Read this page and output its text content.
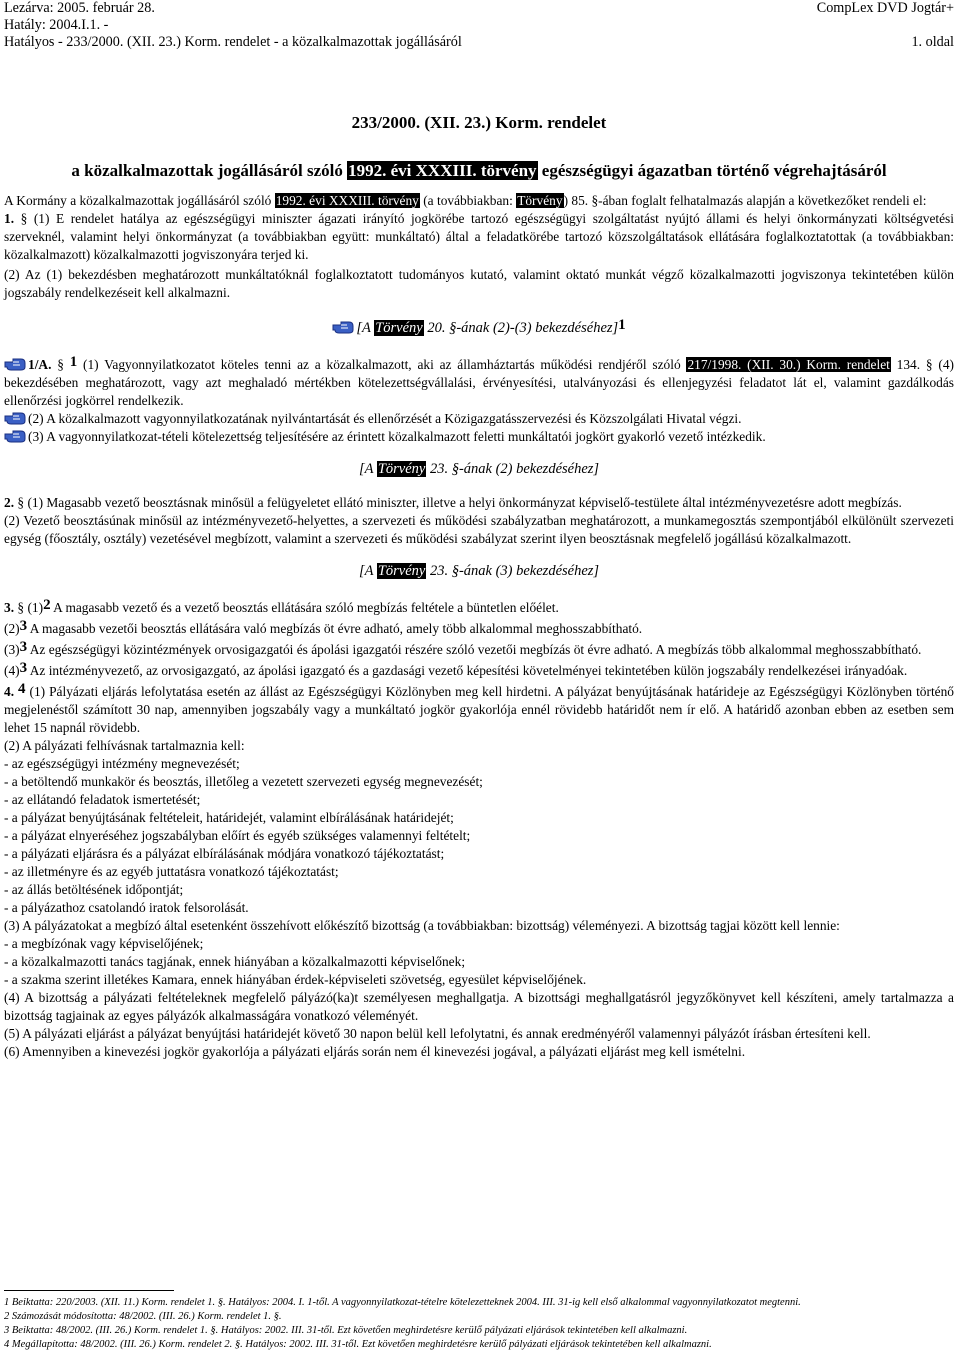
Lezárva: 2005. február 28.	CompLex DVD Jogtár+
Hatály: 2004.I.1. -
Hatályos - 233/2000. (XII. 23.) Korm. rendelet - a közalkalmazottak jogállásáról	1. oldal
233/2000. (XII. 23.) Korm. rendelet
a közalkalmazottak jogállásáról szóló 1992. évi XXXIII. törvény egészségügyi ágazatban történő végrehajtásáról

A Kormány a közalkalmazottak jogállásáról szóló 1992. évi XXXIII. törvény (a továbbiakban: Törvény) 85. §-ában foglalt felhatalmazás alapján a következőket rendeli el:

1. § (1) E rendelet hatálya az egészségügyi miniszter ágazati irányító jogkörébe tartozó egészségügyi szolgáltatást nyújtó állami és helyi önkormányzati költségvetési szerveknél, valamint helyi önkormányzat (a továbbiakban együtt: munkáltató) által a feladatkörébe tartozó közszolgáltatások ellátására foglalkoztatottak (a továbbiakban: közalkalmazott) közalkalmazotti jogviszonyára terjed ki.

(2) Az (1) bekezdésben meghatározott munkáltatóknál foglalkoztatott tudományos kutató, valamint oktató munkát végző közalkalmazotti jogviszonya tekintetében külön jogszabály rendelkezéseit kell alkalmazni.

[A Törvény 20. §-ának (2)-(3) bekezdéséhez]1

1/A. § 1 (1) Vagyonnyilatkozatot köteles tenni az a közalkalmazott, aki az államháztartás működési rendjéről szóló 217/1998. (XII. 30.) Korm. rendelet 134. § (4) bekezdésében meghatározott, vagy azt meghaladó mértékben kötelezettségvállalási, érvényesítési, utalványozási és ellenjegyzési feladatot lát el, valamint gazdálkodás ellenőrzési jogkörrel rendelkezik.

(2) A közalkalmazott vagyonnyilatkozatának nyilvántartását és ellenőrzését a Közigazgatásszervezési és Közszolgálati Hivatal végzi.

(3) A vagyonnyilatkozat-tételi kötelezettség teljesítésére az érintett közalkalmazott feletti munkáltatói jogkört gyakorló vezető intézkedik.

[A Törvény 23. §-ának (2) bekezdéséhez]

2. § (1) Magasabb vezető beosztásnak minősül a felügyeletet ellátó miniszter, illetve a helyi önkormányzat képviselő-testülete által intézményvezetésre adott megbízás.

(2) Vezető beosztásúnak minősül az intézményvezető-helyettes, a szervezeti és működési szabályzatban meghatározott, a munkamegosztás szempontjából elkülönült szervezeti egység (főosztály, osztály) vezetésével megbízott, valamint a szervezeti és működési szabályzat szerint ilyen beosztásnak megfelelő jogállású közalkalmazott.

[A Törvény 23. §-ának (3) bekezdéséhez]

3. § (1)2 A magasabb vezető és a vezető beosztás ellátására szóló megbízás feltétele a büntetlen előélet.

(2)3 A magasabb vezetői beosztás ellátására való megbízás öt évre adható, amely több alkalommal meghosszabbítható.

(3)3 Az egészségügyi közintézmények orvosigazgatói és ápolási igazgatói részére szóló vezetői megbízás öt évre adható. A megbízás több alkalommal meghosszabbítható.

(4)3 Az intézményvezető, az orvosigazgató, az ápolási igazgató és a gazdasági vezető képesítési követelményei tekintetében külön jogszabály rendelkezései irányadóak.

4. 4 (1) Pályázati eljárás lefolytatása esetén az állást az Egészségügyi Közlönyben meg kell hirdetni. A pályázat benyújtásának határideje az Egészségügyi Közlönyben történő megjelenéstől számított 30 nap, amennyiben jogszabály vagy a munkáltató jogkör gyakorlója ennél rövidebb határidőt nem ír elő. A határidő azonban ebben az esetben sem lehet 15 napnál rövidebb.

(2) A pályázati felhívásnak tartalmaznia kell:

- az egészségügyi intézmény megnevezését;

- a betöltendő munkakör és beosztás, illetőleg a vezetett szervezeti egység megnevezését;

- az ellátandó feladatok ismertetését;

- a pályázat benyújtásának feltételeit, határidejét, valamint elbírálásának határidejét;

- a pályázat elnyeréséhez jogszabályban előírt és egyéb szükséges valamennyi feltételt;

- a pályázati eljárásra és a pályázat elbírálásának módjára vonatkozó tájékoztatást;

- az illetményre és az egyéb juttatásra vonatkozó tájékoztatást;

- az állás betöltésének időpontját;

- a pályázathoz csatolandó iratok felsorolását.

(3) A pályázatokat a megbízó által esetenként összehívott előkészítő bizottság (a továbbiakban: bizottság) véleményezi. A bizottság tagjai között kell lennie:

- a megbízónak vagy képviselőjének;

- a közalkalmazotti tanács tagjának, ennek hiányában a közalkalmazotti képviselőnek;

- a szakma szerint illetékes Kamara, ennek hiányában érdek-képviseleti szövetség, egyesület képviselőjének.

(4) A bizottság a pályázati feltételeknek megfelelő pályázó(ka)t személyesen meghallgatja. A bizottsági meghallgatásról jegyzőkönyvet kell készíteni, amely tartalmazza a bizottság tagjainak az egyes pályázók alkalmasságára vonatkozó véleményét.

(5) A pályázati eljárást a pályázat benyújtási határidejét követő 30 napon belül kell lefolytatni, és annak eredményéről valamennyi pályázót írásban értesíteni kell.

(6) Amennyiben a kinevezési jogkör gyakorlója a pályázati eljárás során nem él kinevezési jogával, a pályázati eljárást meg kell ismételni.

1 Beiktatta: 220/2003. (XII. 11.) Korm. rendelet 1. §. Hatályos: 2004. I. 1-től. A vagyonnyilatkozat-tételre kötelezetteknek 2004. III. 31-ig kell első alkalommal vagyonnyilatkozatot megtenni.
2 Számozását módosította: 48/2002. (III. 26.) Korm. rendelet 1. §.
3 Beiktatta: 48/2002. (III. 26.) Korm. rendelet 1. §. Hatályos: 2002. III. 31-től. Ezt követően meghirdetésre kerülő pályázati eljárások tekintetében kell alkalmazni.
4 Megállapította: 48/2002. (III. 26.) Korm. rendelet 2. §. Hatályos: 2002. III. 31-től. Ezt követően meghirdetésre kerülő pályázati eljárások tekintetében kell alkalmazni.
